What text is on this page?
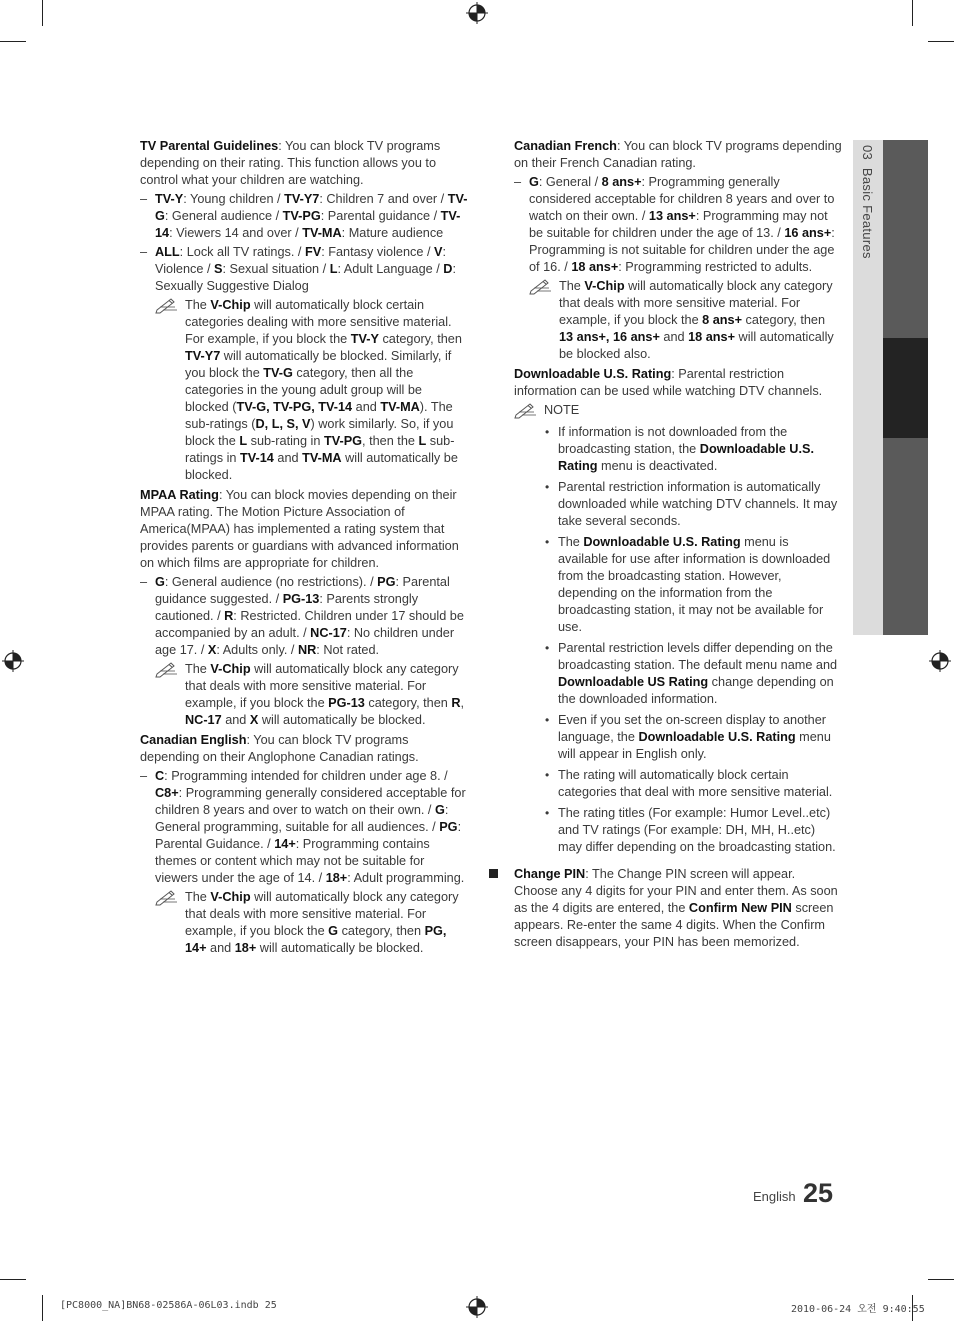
03  Basic Features

TV Parental Guidelines: You can block TV programs depending on their rating. This function allows you to control what your children are watching.

– TV-Y: Young children / TV-Y7: Children 7 and over / TV-G: General audience / TV-PG: Parental guidance / TV-14: Viewers 14 and over / TV-MA: Mature audience

– ALL: Lock all TV ratings. / FV: Fantasy violence / V: Violence / S: Sexual situation / L: Adult Language / D: Sexually Suggestive Dialog

The V-Chip will automatically block certain categories dealing with more sensitive material. For example, if you block the TV-Y category, then TV-Y7 will automatically be blocked. Similarly, if you block the TV-G category, then all the categories in the young adult group will be blocked (TV-G, TV-PG, TV-14 and TV-MA). The sub-ratings (D, L, S, V) work similarly. So, if you block the L sub-rating in TV-PG, then the L sub-ratings in TV-14 and TV-MA will automatically be blocked.

MPAA Rating: You can block movies depending on their MPAA rating. The Motion Picture Association of America(MPAA) has implemented a rating system that provides parents or guardians with advanced information on which films are appropriate for children.

– G: General audience (no restrictions). / PG: Parental guidance suggested. / PG-13: Parents strongly cautioned. / R: Restricted. Children under 17 should be accompanied by an adult. / NC-17: No children under age 17. / X: Adults only. / NR: Not rated.

The V-Chip will automatically block any category that deals with more sensitive material. For example, if you block the PG-13 category, then R, NC-17 and X will automatically be blocked.

Canadian English: You can block TV programs depending on their Anglophone Canadian ratings.

– C: Programming intended for children under age 8. / C8+: Programming generally considered acceptable for children 8 years and over to watch on their own. / G: General programming, suitable for all audiences. / PG: Parental Guidance. / 14+: Programming contains themes or content which may not be suitable for viewers under the age of 14. / 18+: Adult programming.

The V-Chip will automatically block any category that deals with more sensitive material. For example, if you block the G category, then PG, 14+ and 18+ will automatically be blocked.

Canadian French: You can block TV programs depending on their French Canadian rating.

– G: General / 8 ans+: Programming generally considered acceptable for children 8 years and over to watch on their own. / 13 ans+: Programming may not be suitable for children under the age of 13. / 16 ans+: Programming is not suitable for children under the age of 16. / 18 ans+: Programming restricted to adults.

The V-Chip will automatically block any category that deals with more sensitive material. For example, if you block the 8 ans+ category, then 13 ans+, 16 ans+ and 18 ans+ will automatically be blocked also.

Downloadable U.S. Rating: Parental restriction information can be used while watching DTV channels.

NOTE

• If information is not downloaded from the broadcasting station, the Downloadable U.S. Rating menu is deactivated.

• Parental restriction information is automatically downloaded while watching DTV channels. It may take several seconds.

• The Downloadable U.S. Rating menu is available for use after information is downloaded from the broadcasting station. However, depending on the information from the broadcasting station, it may not be available for use.

• Parental restriction levels differ depending on the broadcasting station. The default menu name and Downloadable US Rating change depending on the downloaded information.

• Even if you set the on-screen display to another language, the Downloadable U.S. Rating menu will appear in English only.

• The rating will automatically block certain categories that deal with more sensitive material.

• The rating titles (For example: Humor Level..etc) and TV ratings (For example: DH, MH, H..etc) may differ depending on the broadcasting station.

Change PIN: The Change PIN screen will appear. Choose any 4 digits for your PIN and enter them. As soon as the 4 digits are entered, the Confirm New PIN screen appears. Re-enter the same 4 digits. When the Confirm screen disappears, your PIN has been memorized.

English 25
[PC8000_NA]BN68-02586A-06L03.indb 25	2010-06-24 오전 9:40:55
